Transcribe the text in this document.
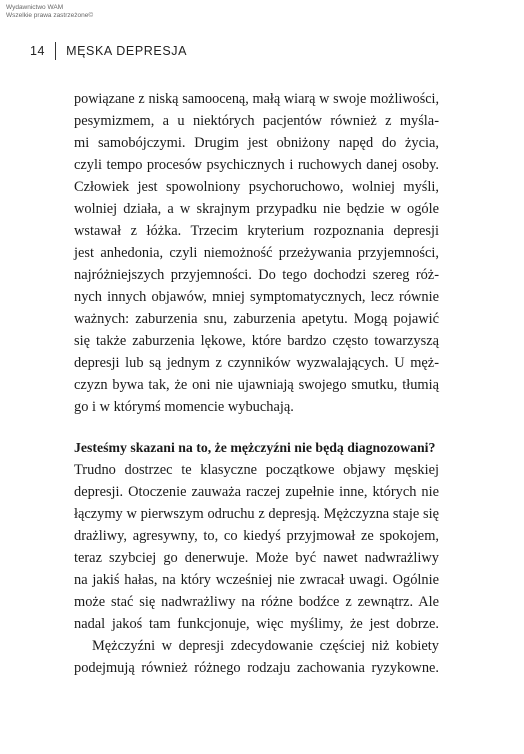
Wydawnictwo WAM
Wszelkie prawa zastrzeżone©
14 MĘSKA DEPRESJA
powiązane z niską samooceną, małą wiarą w swoje możliwości,
pesymizmem, a u niektórych pacjentów również z myśla-
mi samobójczymi. Drugim jest obniżony napęd do życia,
czyli tempo procesów psychicznych i ruchowych danej osoby.
Człowiek jest spowolniony psychoruchowo, wolniej myśli,
wolniej działa, a w skrajnym przypadku nie będzie w ogóle
wstawał z łóżka. Trzecim kryterium rozpoznania depresji
jest anhedonia, czyli niemożność przeżywania przyjemności,
najróżniejszych przyjemności. Do tego dochodzi szereg róż-
nych innych objawów, mniej symptomatycznych, lecz równie
ważnych: zaburzenia snu, zaburzenia apetytu. Mogą pojawić
się także zaburzenia lękowe, które bardzo często towarzyszą
depresji lub są jednym z czynników wyzwalających. U męż-
czyzn bywa tak, że oni nie ujawniają swojego smutku, tłumią
go i w którymś momencie wybuchają.
Jesteśmy skazani na to, że mężczyźni nie będą diagnozowani?
Trudno dostrzec te klasyczne początkowe objawy męskiej
depresji. Otoczenie zauważa raczej zupełnie inne, których nie
łączymy w pierwszym odruchu z depresją. Mężczyzna staje się
drażliwy, agresywny, to, co kiedyś przyjmował ze spokojem,
teraz szybciej go denerwuje. Może być nawet nadwrażliwy
na jakiś hałas, na który wcześniej nie zwracał uwagi. Ogólnie
może stać się nadwrażliwy na różne bodźce z zewnątrz. Ale
nadal jakoś tam funkcjonuje, więc myślimy, że jest dobrze.
Mężczyźni w depresji zdecydowanie częściej niż kobiety
podejmują również różnego rodzaju zachowania ryzykowne.
